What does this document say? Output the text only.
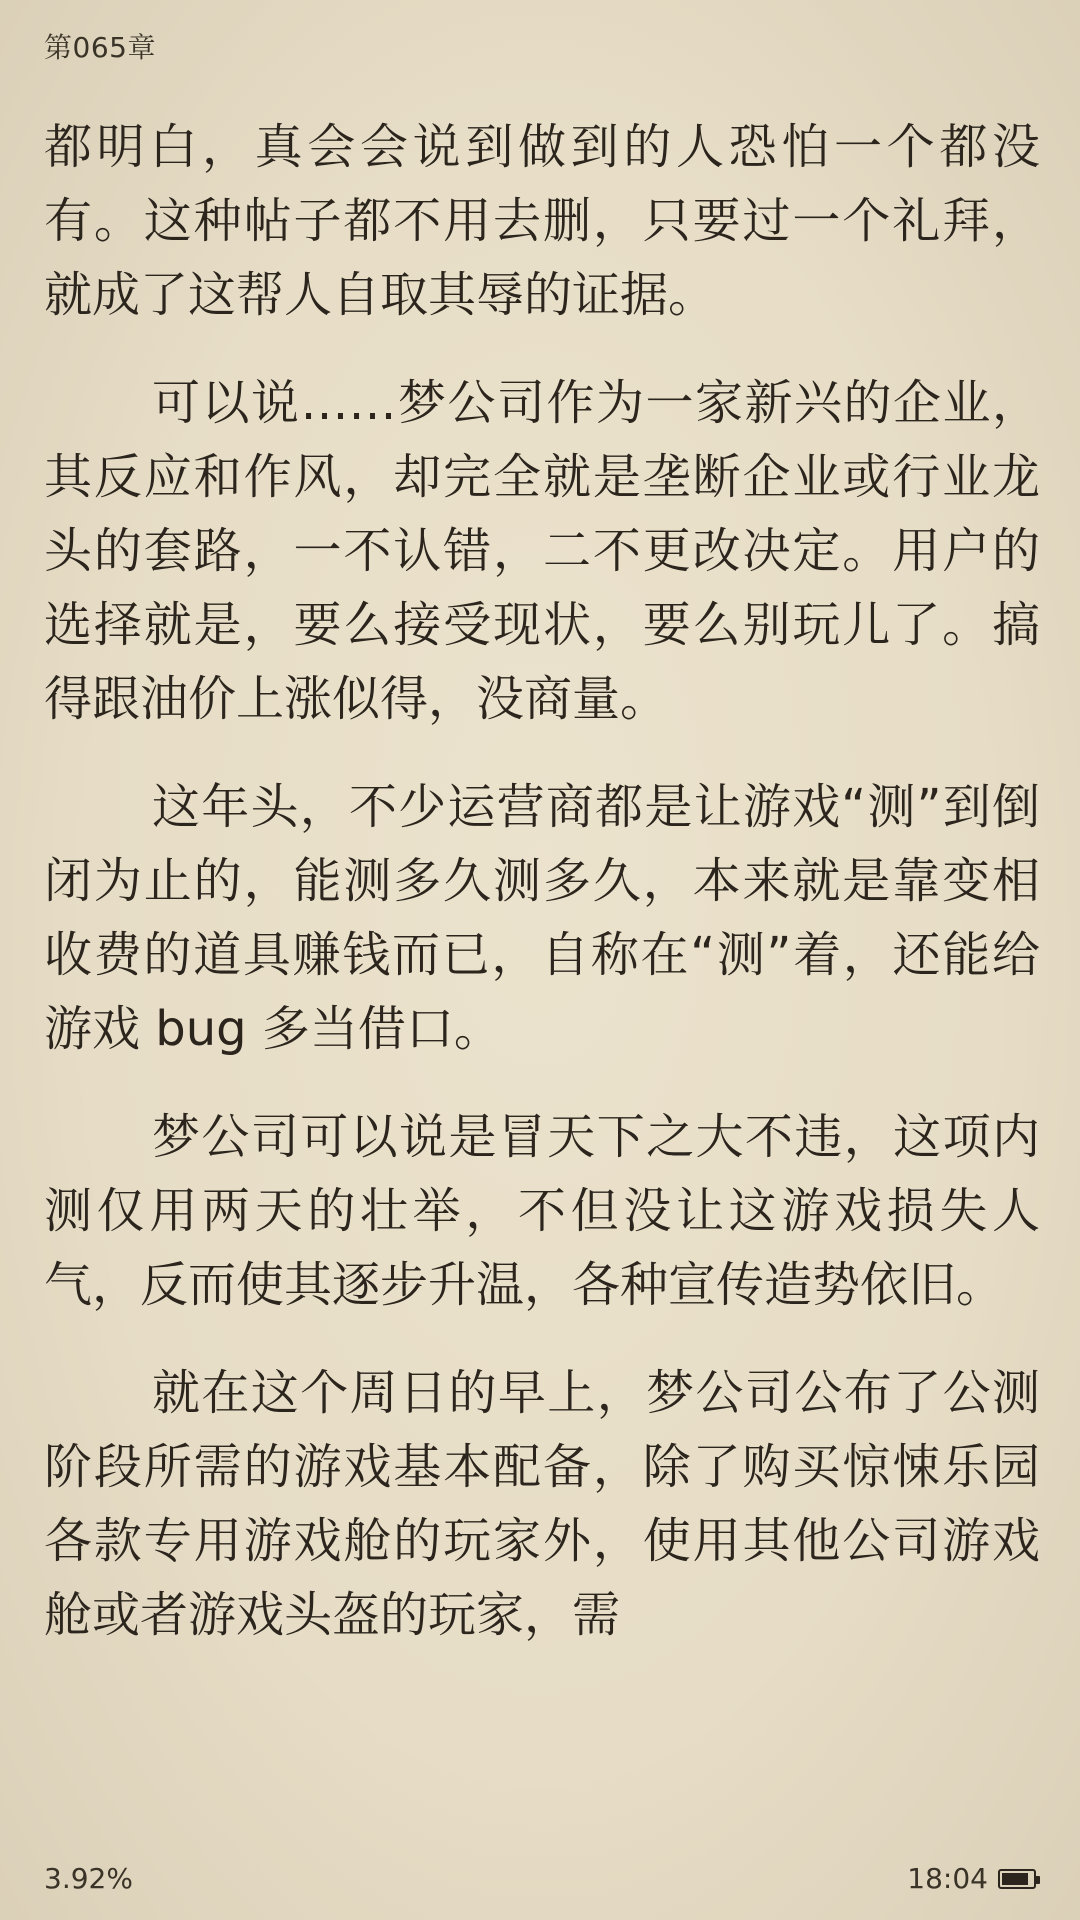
第065章

都明白，真会会说到做到的人恐怕一个都没有。这种帖子都不用去删，只要过一个礼拜，就成了这帮人自取其辱的证据。

可以说……梦公司作为一家新兴的企业，其反应和作风，却完全就是垄断企业或行业龙头的套路，一不认错，二不更改决定。用户的选择就是，要么接受现状，要么别玩儿了。搞得跟油价上涨似得，没商量。

这年头，不少运营商都是让游戏“测”到倒闭为止的，能测多久测多久，本来就是靠变相收费的道具赚钱而已，自称在“测”着，还能给游戏 bug 多当借口。

梦公司可以说是冒天下之大不违，这项内测仅用两天的壮举，不但没让这游戏损失人气，反而使其逐步升温，各种宣传造势依旧。

就在这个周日的早上，梦公司公布了公测阶段所需的游戏基本配备，除了购买惊悚乐园各款专用游戏舱的玩家外，使用其他公司游戏舱或者游戏头盔的玩家，需

3.92%	18:04
